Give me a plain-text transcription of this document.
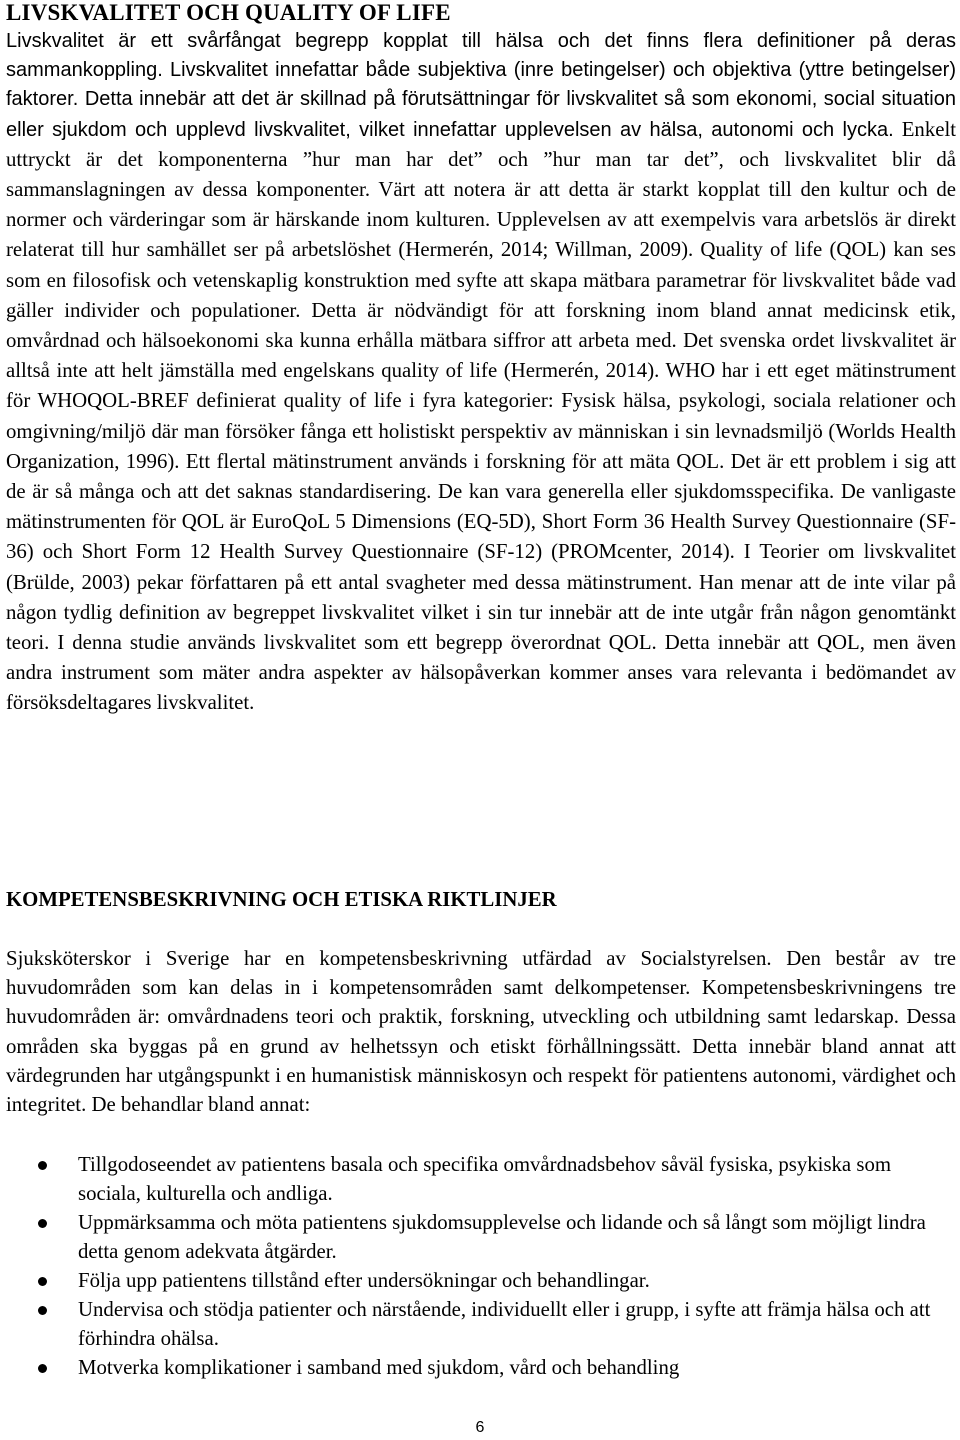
LIVSKVALITET OCH QUALITY OF LIFE

Livskvalitet är ett svårfångat begrepp kopplat till hälsa och det finns flera definitioner på deras sammankoppling. Livskvalitet innefattar både subjektiva (inre betingelser) och objektiva (yttre betingelser) faktorer. Detta innebär att det är skillnad på förutsättningar för livskvalitet så som ekonomi, social situation eller sjukdom och upplevd livskvalitet, vilket innefattar upplevelsen av hälsa, autonomi och lycka. Enkelt uttryckt är det komponenterna ”hur man har det” och ”hur man tar det”, och livskvalitet blir då sammanslagningen av dessa komponenter. Värt att notera är att detta är starkt kopplat till den kultur och de normer och värderingar som är härskande inom kulturen. Upplevelsen av att exempelvis vara arbetslös är direkt relaterat till hur samhället ser på arbetslöshet (Hermerén, 2014; Willman, 2009). Quality of life (QOL) kan ses som en filosofisk och vetenskaplig konstruktion med syfte att skapa mätbara parametrar för livskvalitet både vad gäller individer och populationer. Detta är nödvändigt för att forskning inom bland annat medicinsk etik, omvårdnad och hälsoekonomi ska kunna erhålla mätbara siffror att arbeta med. Det svenska ordet livskvalitet är alltså inte att helt jämställa med engelskans quality of life (Hermerén, 2014). WHO har i ett eget mätinstrument för WHOQOL-BREF definierat quality of life i fyra kategorier: Fysisk hälsa, psykologi, sociala relationer och omgivning/miljö där man försöker fånga ett holistiskt perspektiv av människan i sin levnadsmiljö (Worlds Health Organization, 1996). Ett flertal mätinstrument används i forskning för att mäta QOL. Det är ett problem i sig att de är så många och att det saknas standardisering. De kan vara generella eller sjukdomsspecifika. De vanligaste mätinstrumenten för QOL är EuroQoL 5 Dimensions (EQ-5D), Short Form 36 Health Survey Questionnaire (SF-36) och Short Form 12 Health Survey Questionnaire (SF-12) (PROMcenter, 2014). I Teorier om livskvalitet (Brülde, 2003) pekar författaren på ett antal svagheter med dessa mätinstrument. Han menar att de inte vilar på någon tydlig definition av begreppet livskvalitet vilket i sin tur innebär att de inte utgår från någon genomtänkt teori. I denna studie används livskvalitet som ett begrepp överordnat QOL. Detta innebär att QOL, men även andra instrument som mäter andra aspekter av hälsopåverkan kommer anses vara relevanta i bedömandet av försöksdeltagares livskvalitet.

KOMPETENSBESKRIVNING OCH ETISKA RIKTLINJER

Sjuksköterskor i Sverige har en kompetensbeskrivning utfärdad av Socialstyrelsen. Den består av tre huvudområden som kan delas in i kompetensområden samt delkompetenser. Kompetensbeskrivningens tre huvudområden är: omvårdnadens teori och praktik, forskning, utveckling och utbildning samt ledarskap. Dessa områden ska byggas på en grund av helhetssyn och etiskt förhållningssätt. Detta innebär bland annat att värdegrunden har utgångspunkt i en humanistisk människosyn och respekt för patientens autonomi, värdighet och integritet. De behandlar bland annat:

Tillgodoseendet av patientens basala och specifika omvårdnadsbehov såväl fysiska, psykiska som sociala, kulturella och andliga.
Uppmärksamma och möta patientens sjukdomsupplevelse och lidande och så långt som möjligt lindra detta genom adekvata åtgärder.
Följa upp patientens tillstånd efter undersökningar och behandlingar.
Undervisa och stödja patienter och närstående, individuellt eller i grupp, i syfte att främja hälsa och att förhindra ohälsa.
Motverka komplikationer i samband med sjukdom, vård och behandling
6
